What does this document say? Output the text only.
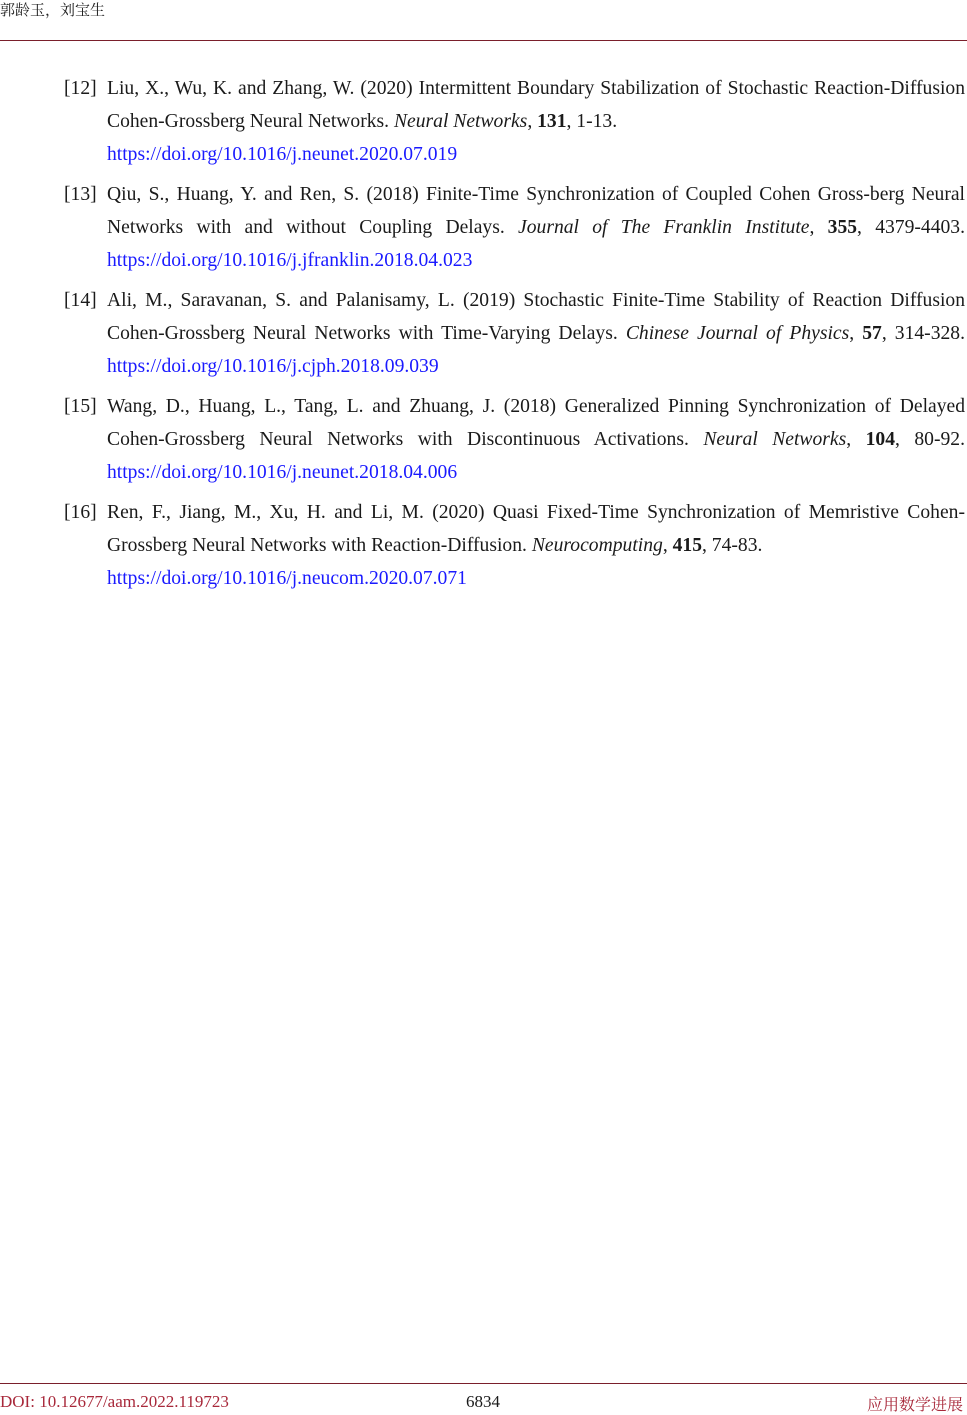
郭龄玉，刘宝生
[12] Liu, X., Wu, K. and Zhang, W. (2020) Intermittent Boundary Stabilization of Stochastic Reaction-Diffusion Cohen-Grossberg Neural Networks. Neural Networks, 131, 1-13.
https://doi.org/10.1016/j.neunet.2020.07.019
[13] Qiu, S., Huang, Y. and Ren, S. (2018) Finite-Time Synchronization of Coupled Cohen Gross-berg Neural Networks with and without Coupling Delays. Journal of The Franklin Institute, 355, 4379-4403. https://doi.org/10.1016/j.jfranklin.2018.04.023
[14] Ali, M., Saravanan, S. and Palanisamy, L. (2019) Stochastic Finite-Time Stability of Reaction Diffusion Cohen-Grossberg Neural Networks with Time-Varying Delays. Chinese Journal of Physics, 57, 314-328. https://doi.org/10.1016/j.cjph.2018.09.039
[15] Wang, D., Huang, L., Tang, L. and Zhuang, J. (2018) Generalized Pinning Synchronization of Delayed Cohen-Grossberg Neural Networks with Discontinuous Activations. Neural Networks, 104, 80-92. https://doi.org/10.1016/j.neunet.2018.04.006
[16] Ren, F., Jiang, M., Xu, H. and Li, M. (2020) Quasi Fixed-Time Synchronization of Memristive Cohen-Grossberg Neural Networks with Reaction-Diffusion. Neurocomputing, 415, 74-83.
https://doi.org/10.1016/j.neucom.2020.07.071
DOI: 10.12677/aam.2022.119723	6834	应用数学进展
